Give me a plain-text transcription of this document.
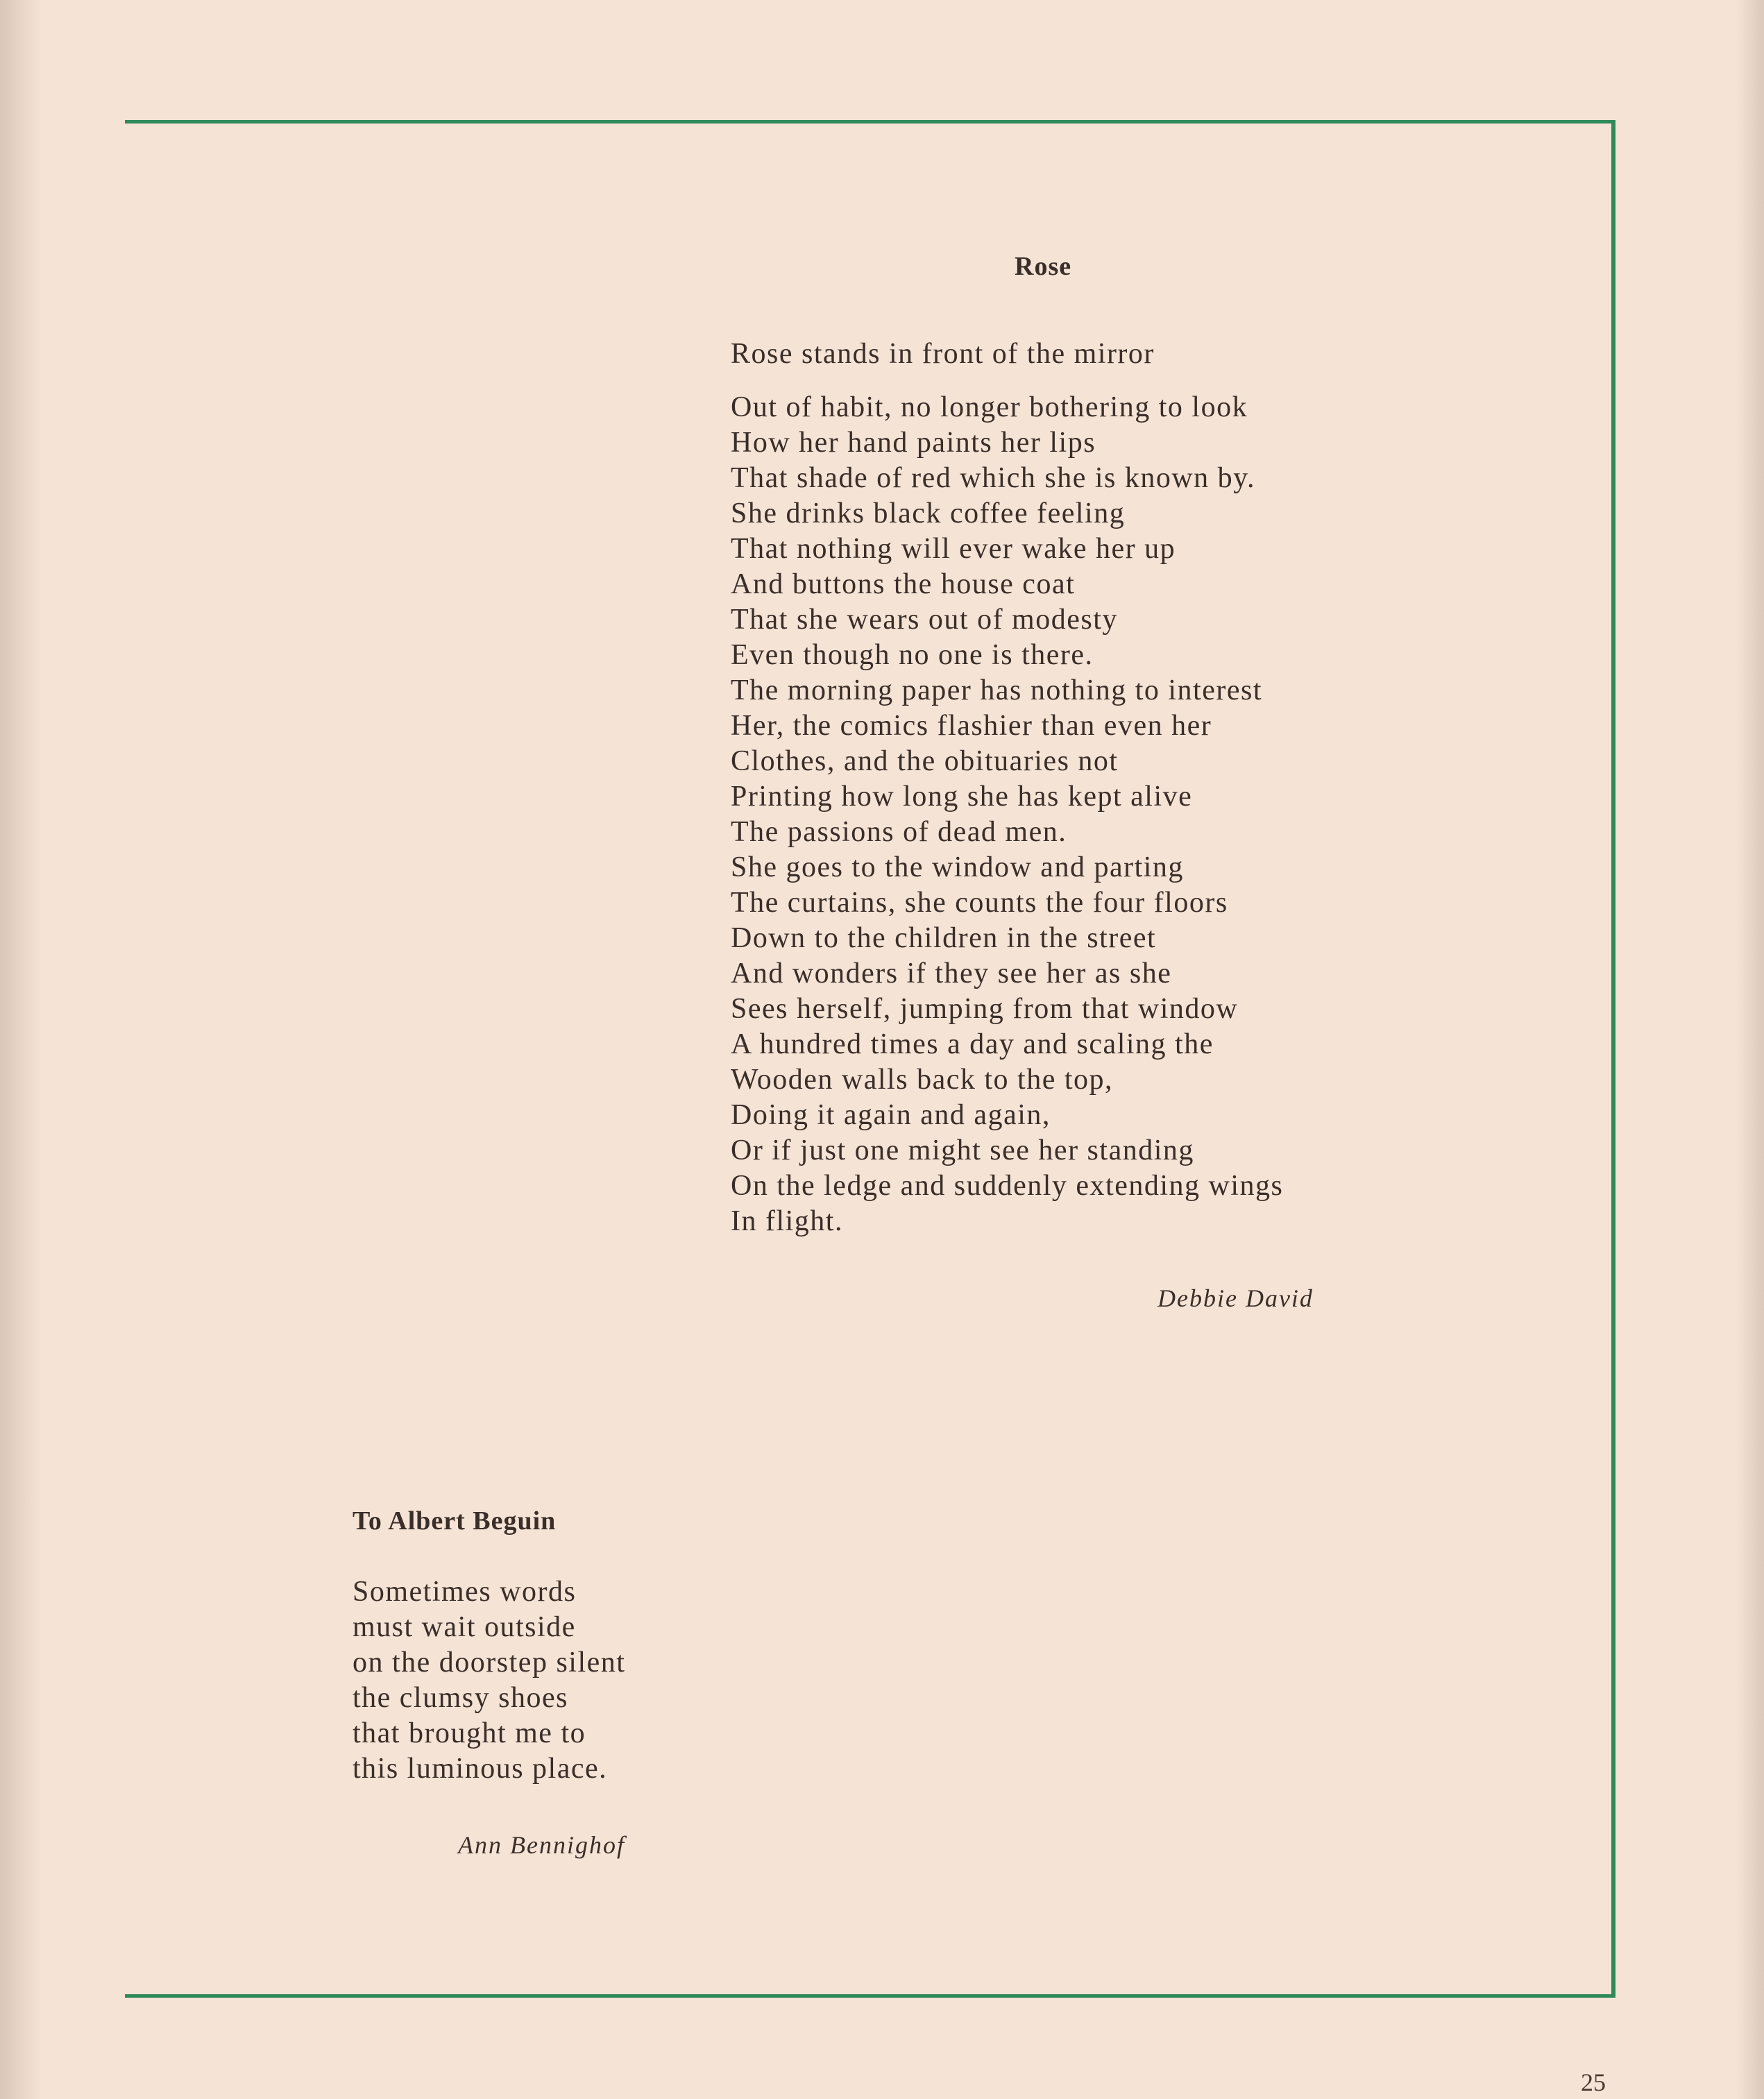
Rose
Rose stands in front of the mirror
Out of habit, no longer bothering to look
How her hand paints her lips
That shade of red which she is known by.
She drinks black coffee feeling
That nothing will ever wake her up
And buttons the house coat
That she wears out of modesty
Even though no one is there.
The morning paper has nothing to interest
Her, the comics flashier than even her
Clothes, and the obituaries not
Printing how long she has kept alive
The passions of dead men.
She goes to the window and parting
The curtains, she counts the four floors
Down to the children in the street
And wonders if they see her as she
Sees herself, jumping from that window
A hundred times a day and scaling the
Wooden walls back to the top,
Doing it again and again,
Or if just one might see her standing
On the ledge and suddenly extending wings
In flight.
Debbie David
To Albert Beguin
Sometimes words
must wait outside
on the doorstep silent
the clumsy shoes
that brought me to
this luminous place.
Ann Bennighof
25
